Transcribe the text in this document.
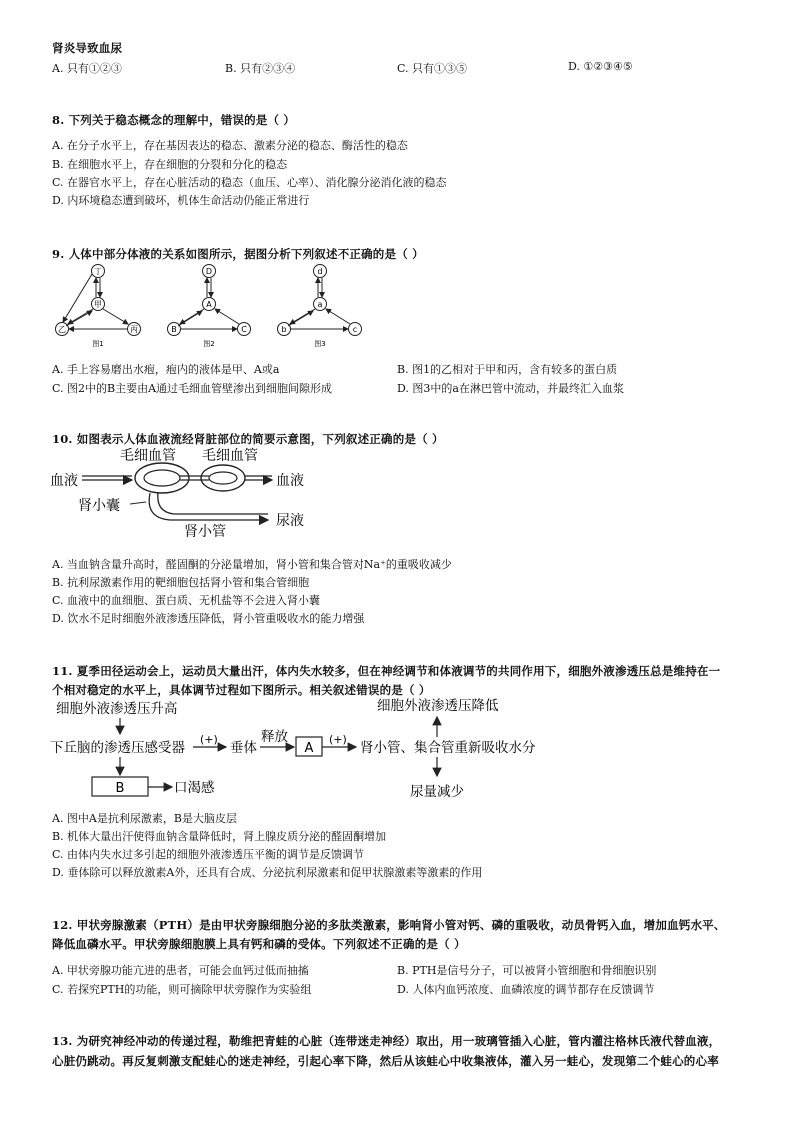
肾炎导致血尿
A. 只有①②③	B. 只有②③④	C. 只有①③⑤	D. ①②③④⑤
8. 下列关于稳态概念的理解中，错误的是（ ）
A. 在分子水平上，存在基因表达的稳态、激素分泌的稳态、酶活性的稳态
B. 在细胞水平上，存在细胞的分裂和分化的稳态
C. 在器官水平上，存在心脏活动的稳态（血压、心率）、消化腺分泌消化液的稳态
D. 内环境稳态遭到破坏，机体生命活动仍能正常进行
9. 人体中部分体液的关系如图所示，据图分析下列叙述不正确的是（ ）
丁
甲
乙	丙
图1
D
A
B	C
图2
d
a
b	c
图3
A. 手上容易磨出水疱，疱内的液体是甲、A或a	B. 图1的乙相对于甲和丙，含有较多的蛋白质
C. 图2中的B主要由A通过毛细血管壁渗出到细胞间隙形成	D. 图3中的a在淋巴管中流动，并最终汇入血浆
10. 如图表示人体血液流经肾脏部位的简要示意图，下列叙述正确的是（ ）
血液	血液
毛细血管 毛细血管
肾小囊
肾小管
尿液
A. 当血钠含量升高时，醛固酮的分泌量增加，肾小管和集合管对Na⁺的重吸收减少
B. 抗利尿激素作用的靶细胞包括肾小管和集合管细胞
C. 血液中的血细胞、蛋白质、无机盐等不会进入肾小囊
D. 饮水不足时细胞外液渗透压降低，肾小管重吸收水的能力增强
11. 夏季田径运动会上，运动员大量出汗，体内失水较多，但在神经调节和体液调节的共同作用下，细胞外液渗透压总是维持在一
个相对稳定的水平上，具体调节过程如下图所示。相关叙述错误的是（ ）
细胞外液渗透压升高
下丘脑的渗透压感受器
(+)
垂体
释放
A
(+)
肾小管、集合管重新吸收水分
细胞外液渗透压降低
尿量减少
B	口渴感
A. 图中A是抗利尿激素，B是大脑皮层
B. 机体大量出汗使得血钠含量降低时，肾上腺皮质分泌的醛固酮增加
C. 由体内失水过多引起的细胞外液渗透压平衡的调节是反馈调节
D. 垂体除可以释放激素A外，还具有合成、分泌抗利尿激素和促甲状腺激素等激素的作用
12. 甲状旁腺激素（PTH）是由甲状旁腺细胞分泌的多肽类激素，影响肾小管对钙、磷的重吸收，动员骨钙入血，增加血钙水平、
降低血磷水平。甲状旁腺细胞膜上具有钙和磷的受体。下列叙述不正确的是（ ）
A. 甲状旁腺功能亢进的患者，可能会血钙过低而抽搐	B. PTH是信号分子，可以被肾小管细胞和骨细胞识别
C. 若探究PTH的功能，则可摘除甲状旁腺作为实验组	D. 人体内血钙浓度、血磷浓度的调节都存在反馈调节
13. 为研究神经冲动的传递过程，勒维把青蛙的心脏（连带迷走神经）取出，用一玻璃管插入心脏，管内灌注格林氏液代替血液，
心脏仍跳动。再反复刺激支配蛙心的迷走神经，引起心率下降，然后从该蛙心中收集液体，灌入另一蛙心，发现第二个蛙心的心率
